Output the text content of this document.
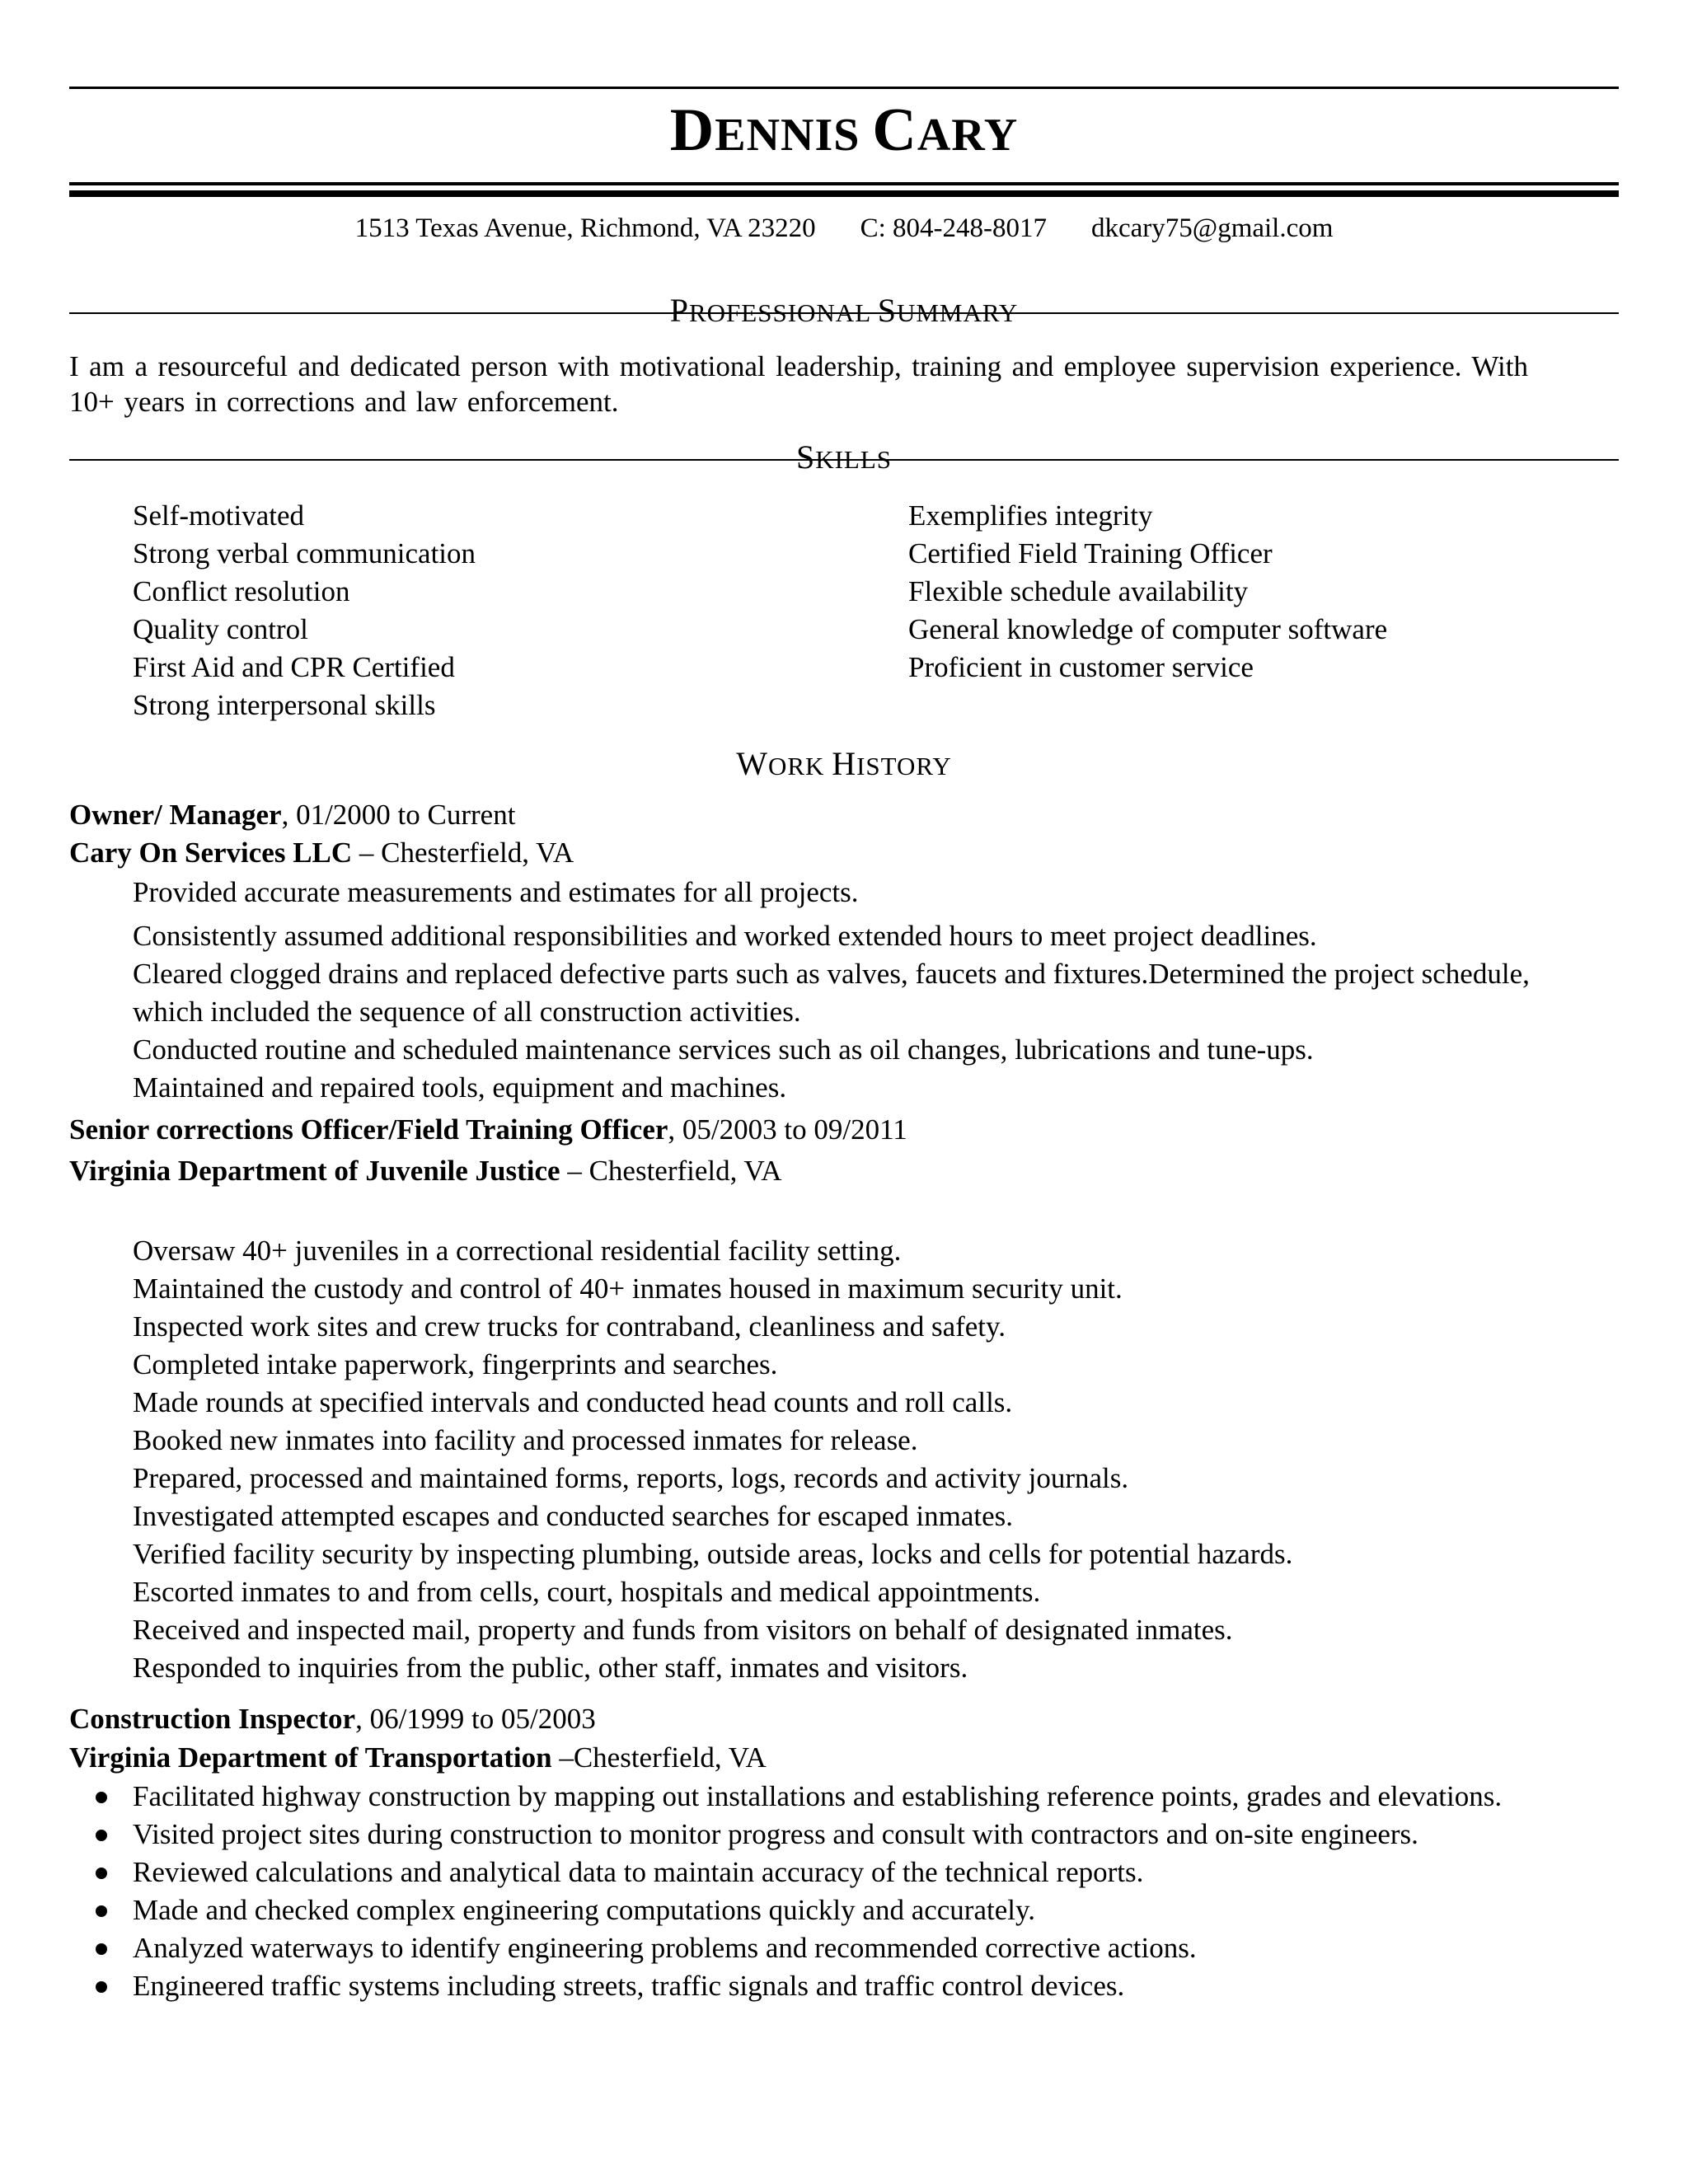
DENNIS CARY
1513 Texas Avenue, Richmond, VA 23220 C: 804-248-8017 dkcary75@gmail.com
PROFESSIONAL SUMMARY
I am a resourceful and dedicated person with motivational leadership, training and employee supervision experience. With 10+ years in corrections and law enforcement.
SKILLS
Self-motivated
Strong verbal communication
Conflict resolution
Quality control
First Aid and CPR Certified
Strong interpersonal skills
Exemplifies integrity
Certified Field Training Officer
Flexible schedule availability
General knowledge of computer software
Proficient in customer service
WORK HISTORY
Owner/ Manager, 01/2000 to Current
Cary On Services LLC – Chesterfield, VA
Provided accurate measurements and estimates for all projects.
Consistently assumed additional responsibilities and worked extended hours to meet project deadlines.
Cleared clogged drains and replaced defective parts such as valves, faucets and fixtures.Determined the project schedule, which included the sequence of all construction activities.
Conducted routine and scheduled maintenance services such as oil changes, lubrications and tune-ups.
Maintained and repaired tools, equipment and machines.
Senior corrections Officer/Field Training Officer, 05/2003 to 09/2011
Virginia Department of Juvenile Justice – Chesterfield, VA
Oversaw 40+ juveniles in a correctional residential facility setting.
Maintained the custody and control of 40+ inmates housed in maximum security unit.
Inspected work sites and crew trucks for contraband, cleanliness and safety.
Completed intake paperwork, fingerprints and searches.
Made rounds at specified intervals and conducted head counts and roll calls.
Booked new inmates into facility and processed inmates for release.
Prepared, processed and maintained forms, reports, logs, records and activity journals.
Investigated attempted escapes and conducted searches for escaped inmates.
Verified facility security by inspecting plumbing, outside areas, locks and cells for potential hazards.
Escorted inmates to and from cells, court, hospitals and medical appointments.
Received and inspected mail, property and funds from visitors on behalf of designated inmates.
Responded to inquiries from the public, other staff, inmates and visitors.
Construction Inspector, 06/1999 to 05/2003
Virginia Department of Transportation –Chesterfield, VA
Facilitated highway construction by mapping out installations and establishing reference points, grades and elevations.
Visited project sites during construction to monitor progress and consult with contractors and on-site engineers.
Reviewed calculations and analytical data to maintain accuracy of the technical reports.
Made and checked complex engineering computations quickly and accurately.
Analyzed waterways to identify engineering problems and recommended corrective actions.
Engineered traffic systems including streets, traffic signals and traffic control devices.
